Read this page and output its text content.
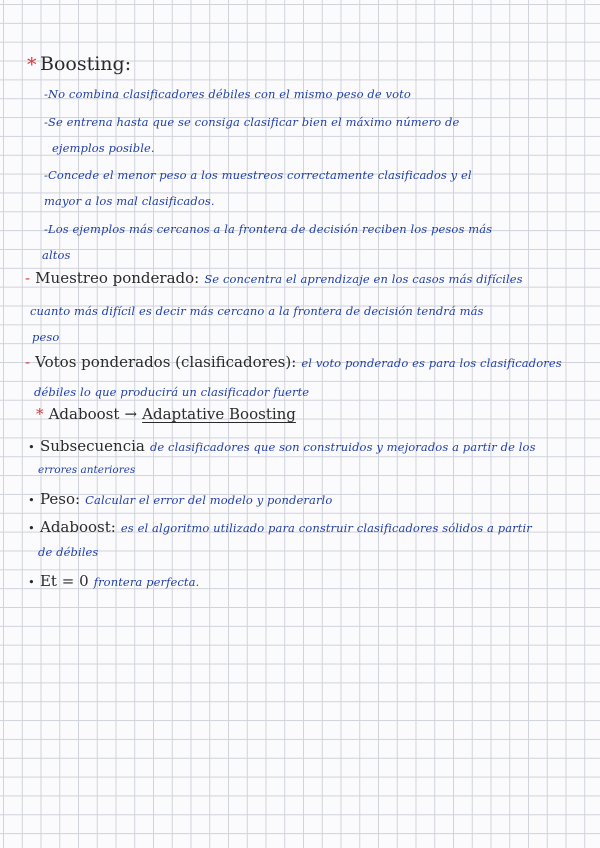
* Boosting:
-No combina clasificadores débiles con el mismo peso de voto
-Se entrena hasta que se consiga clasificar bien el máximo número de
ejemplos posible.
-Concede el menor peso a los muestreos correctamente clasificados y el
mayor a los mal clasificados.
-Los ejemplos más cercanos a la frontera de decisión reciben los pesos más
altos
- Muestreo ponderado: Se concentra el aprendizaje en los casos más difíciles
cuanto más difícil es decir más cercano a la frontera de decisión tendrá más
peso
- Votos ponderados (clasificadores): el voto ponderado es para los clasificadores
débiles lo que producirá un clasificador fuerte
* Adaboost → Adaptative Boosting
• Subsecuencia de clasificadores que son construidos y mejorados a partir de los
errores anteriores
• Peso: Calcular el error del modelo y ponderarlo
• Adaboost: es el algoritmo utilizado para construir clasificadores sólidos a partir
de débiles
• Et = 0 frontera perfecta.
